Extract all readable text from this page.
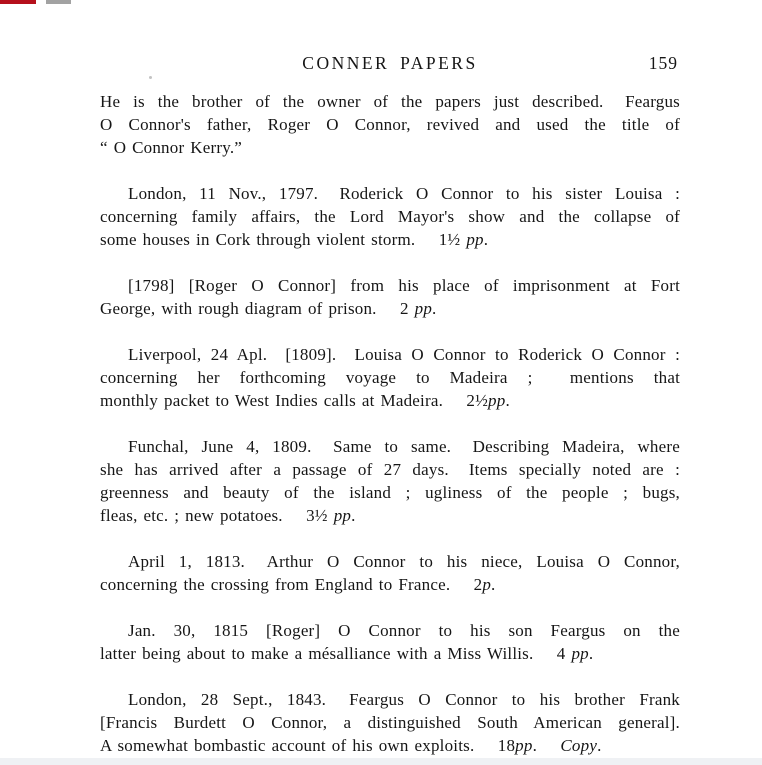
CONNER PAPERS	159
He is the brother of the owner of the papers just described.  Feargus
O Connor's father, Roger O Connor, revived and used the title of
“ O Connor Kerry.”
London, 11 Nov., 1797.  Roderick O Connor to his sister Louisa :
concerning family affairs, the Lord Mayor's show and the collapse of
some houses in Cork through violent storm.   1½ pp.
[1798] [Roger O Connor] from his place of imprisonment at Fort
George, with rough diagram of prison.   2 pp.
Liverpool, 24 Apl.  [1809].  Louisa O Connor to Roderick O Connor :
concerning her forthcoming voyage to Madeira ;   mentions that
monthly packet to West Indies calls at Madeira.   2½pp.
Funchal, June 4, 1809.  Same to same.  Describing Madeira, where
she has arrived after a passage of 27 days.  Items specially noted are :
greenness and beauty of the island ; ugliness of the people ; bugs,
fleas, etc. ; new potatoes.   3½ pp.
April 1, 1813.  Arthur O Connor to his niece, Louisa O Connor,
concerning the crossing from England to France.   2p.
Jan. 30, 1815 [Roger] O Connor to his son Feargus on the
latter being about to make a mésalliance with a Miss Willis.   4 pp.
London, 28 Sept., 1843.  Feargus O Connor to his brother Frank
[Francis Burdett O Connor, a distinguished South American general].
A somewhat bombastic account of his own exploits.   18pp.   Copy.
